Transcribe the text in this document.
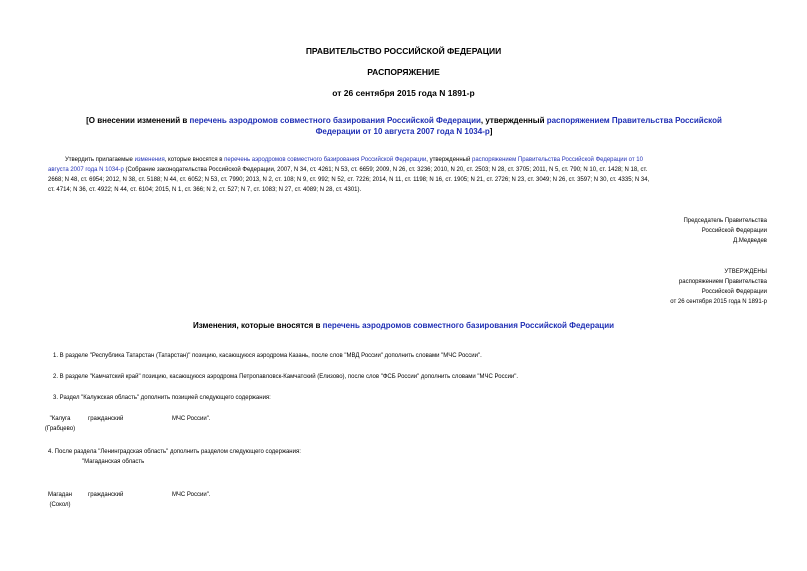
ПРАВИТЕЛЬСТВО РОССИЙСКОЙ ФЕДЕРАЦИИ
РАСПОРЯЖЕНИЕ
от 26 сентября 2015 года N 1891-р
[О внесении изменений в перечень аэродромов совместного базирования Российской Федерации, утвержденный распоряжением Правительства Российской
Федерации от 10 августа 2007 года N 1034-р]
Утвердить прилагаемые изменения, которые вносятся в перечень аэродромов совместного базирования Российской Федерации, утвержденный распоряжением Правительства Российской Федерации от 10
августа 2007 года N 1034-р (Собрание законодательства Российской Федерации, 2007, N 34, ст. 4261; N 53, ст. 6659; 2009, N 26, ст. 3236; 2010, N 20, ст. 2503; N 28, ст. 3705; 2011, N 5, ст. 790; N 10, ст. 1428; N 18, ст.
2668; N 48, ст. 6954; 2012, N 38, ст. 5188; N 44, ст. 6052; N 53, ст. 7990; 2013, N 2, ст. 108; N 9, ст. 992; N 52, ст. 7226; 2014, N 11, ст. 1198; N 16, ст. 1905; N 21, ст. 2726; N 23, ст. 3049; N 26, ст. 3597; N 30, ст. 4335; N 34,
ст. 4714; N 36, ст. 4922; N 44, ст. 6104; 2015, N 1, ст. 366; N 2, ст. 527; N 7, ст. 1083; N 27, ст. 4089; N 28, ст. 4301).
Председатель Правительства
Российской Федерации
Д.Медведев
УТВЕРЖДЕНЫ
распоряжением Правительства
Российской Федерации
от 26 сентября 2015 года N 1891-р
Изменения, которые вносятся в перечень аэродромов совместного базирования Российской Федерации
1. В разделе "Республика Татарстан (Татарстан)" позицию, касающуюся аэродрома Казань, после слов "МВД России" дополнить словами "МЧС России".
2. В разделе "Камчатский край" позицию, касающуюся аэродрома Петропавловск-Камчатский (Елизово), после слов "ФСБ России" дополнить словами "МЧС России".
3. Раздел "Калужская область" дополнить позицией следующего содержания:
"Калуга
(Грабцево)
гражданский	МЧС России".
4. После раздела "Ленинградская область" дополнить разделом следующего содержания:
"Магаданская область
Магадан
(Сокол)
гражданский	МЧС России".
